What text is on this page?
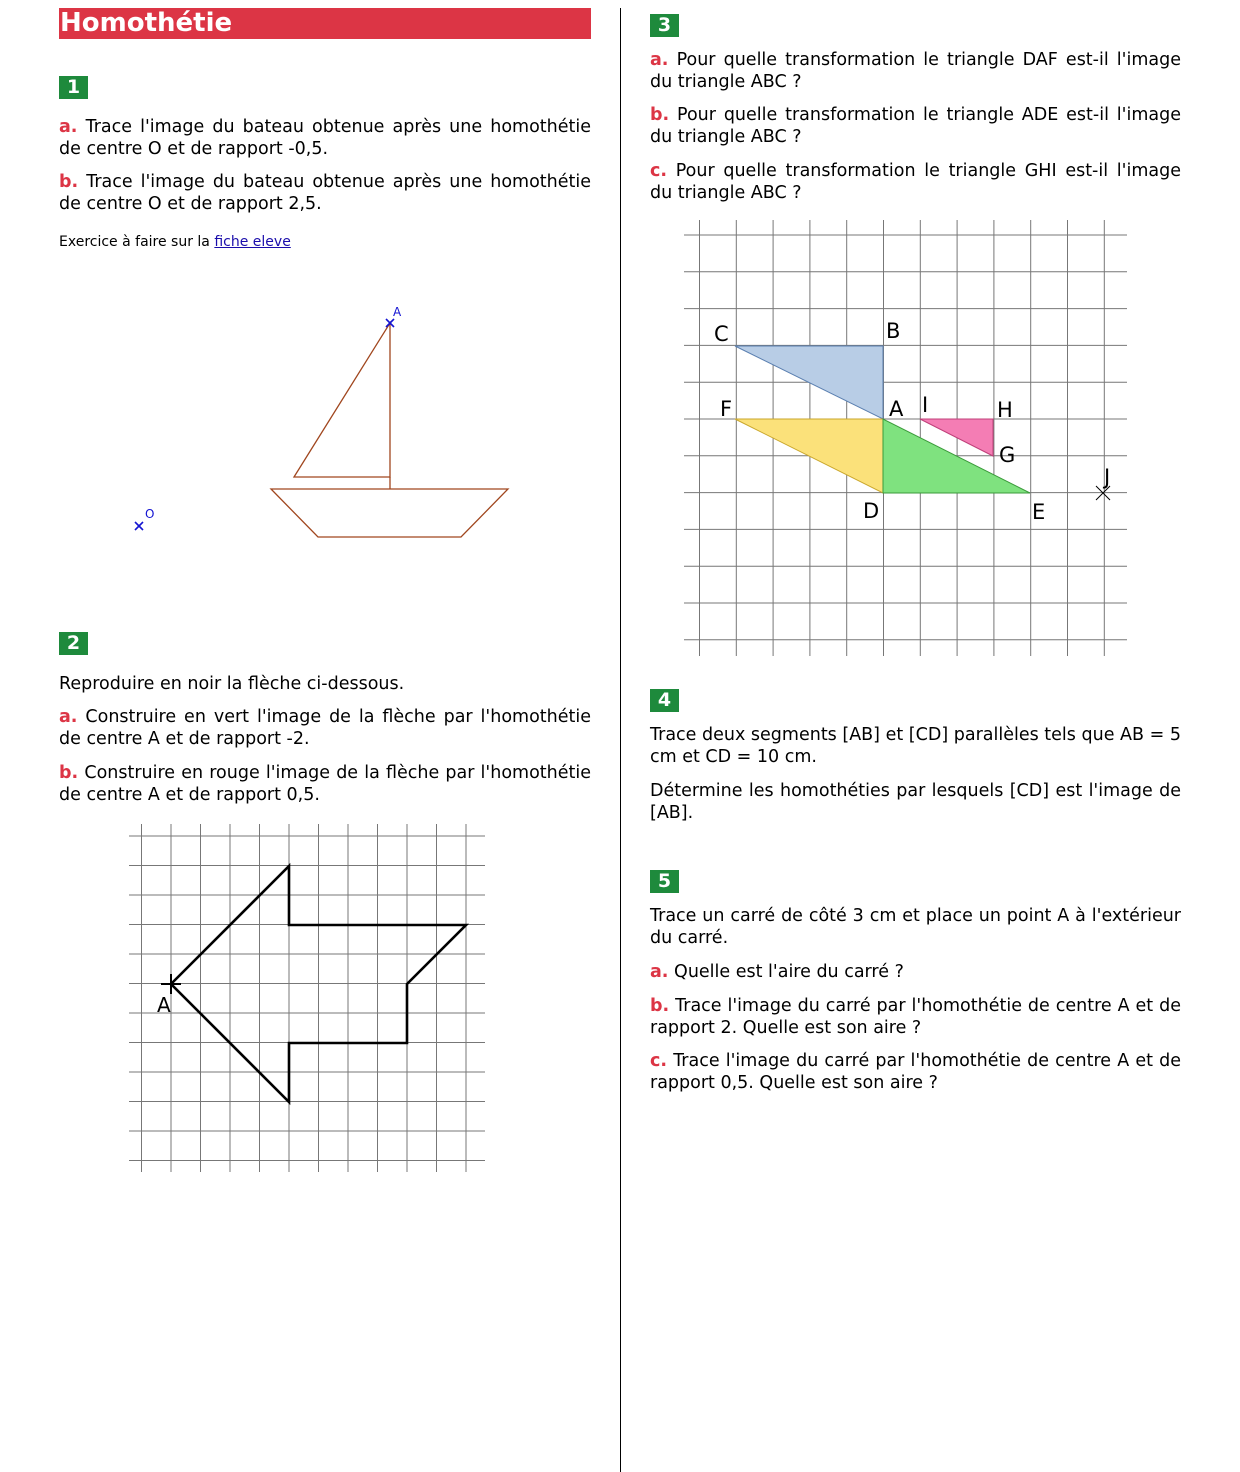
Homothétie
1
a. Trace l'image du bateau obtenue après une homothétie de centre O et de rapport -0,5.
b. Trace l'image du bateau obtenue après une homothétie de centre O et de rapport 2,5.
Exercice à faire sur la fiche eleve
A
O
2
Reproduire en noir la flèche ci-dessous.
a. Construire en vert l'image de la flèche par l'homothétie de centre A et de rapport -2.
b. Construire en rouge l'image de la flèche par l'homothétie de centre A et de rapport 0,5.
A
3
a. Pour quelle transformation le triangle DAF est-il l'image du triangle ABC ?
b. Pour quelle transformation le triangle ADE est-il l'image du triangle ABC ?
c. Pour quelle transformation le triangle GHI est-il l'image du triangle ABC ?
C	B
F	A I	H
G
J
D	E
4
Trace deux segments [AB] et [CD] parallèles tels que AB = 5 cm et CD = 10 cm.
Détermine les homothéties par lesquels [CD] est l'image de [AB].
5
Trace un carré de côté 3 cm et place un point A à l'extérieur du carré.
a. Quelle est l'aire du carré ?
b. Trace l'image du carré par l'homothétie de centre A et de rapport 2. Quelle est son aire ?
c. Trace l'image du carré par l'homothétie de centre A et de rapport 0,5. Quelle est son aire ?
